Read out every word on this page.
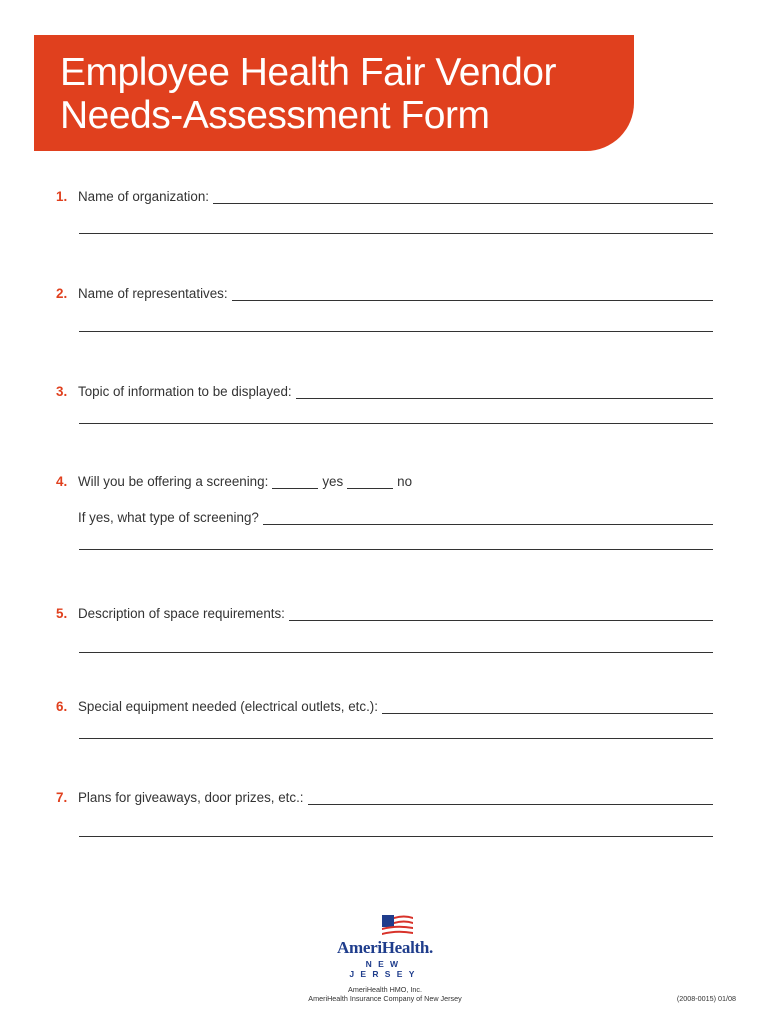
Employee Health Fair Vendor
Needs-Assessment Form
1. Name of organization:
2. Name of representatives:
3. Topic of information to be displayed:
4. Will you be offering a screening:	yes	no
If yes, what type of screening?
5. Description of space requirements:
6. Special equipment needed (electrical outlets, etc.):
7. Plans for giveaways, door prizes, etc.:
AmeriHealth.
NEW JERSEY
AmeriHealth HMO, Inc.
AmeriHealth Insurance Company of New Jersey	(2008-0015) 01/08
